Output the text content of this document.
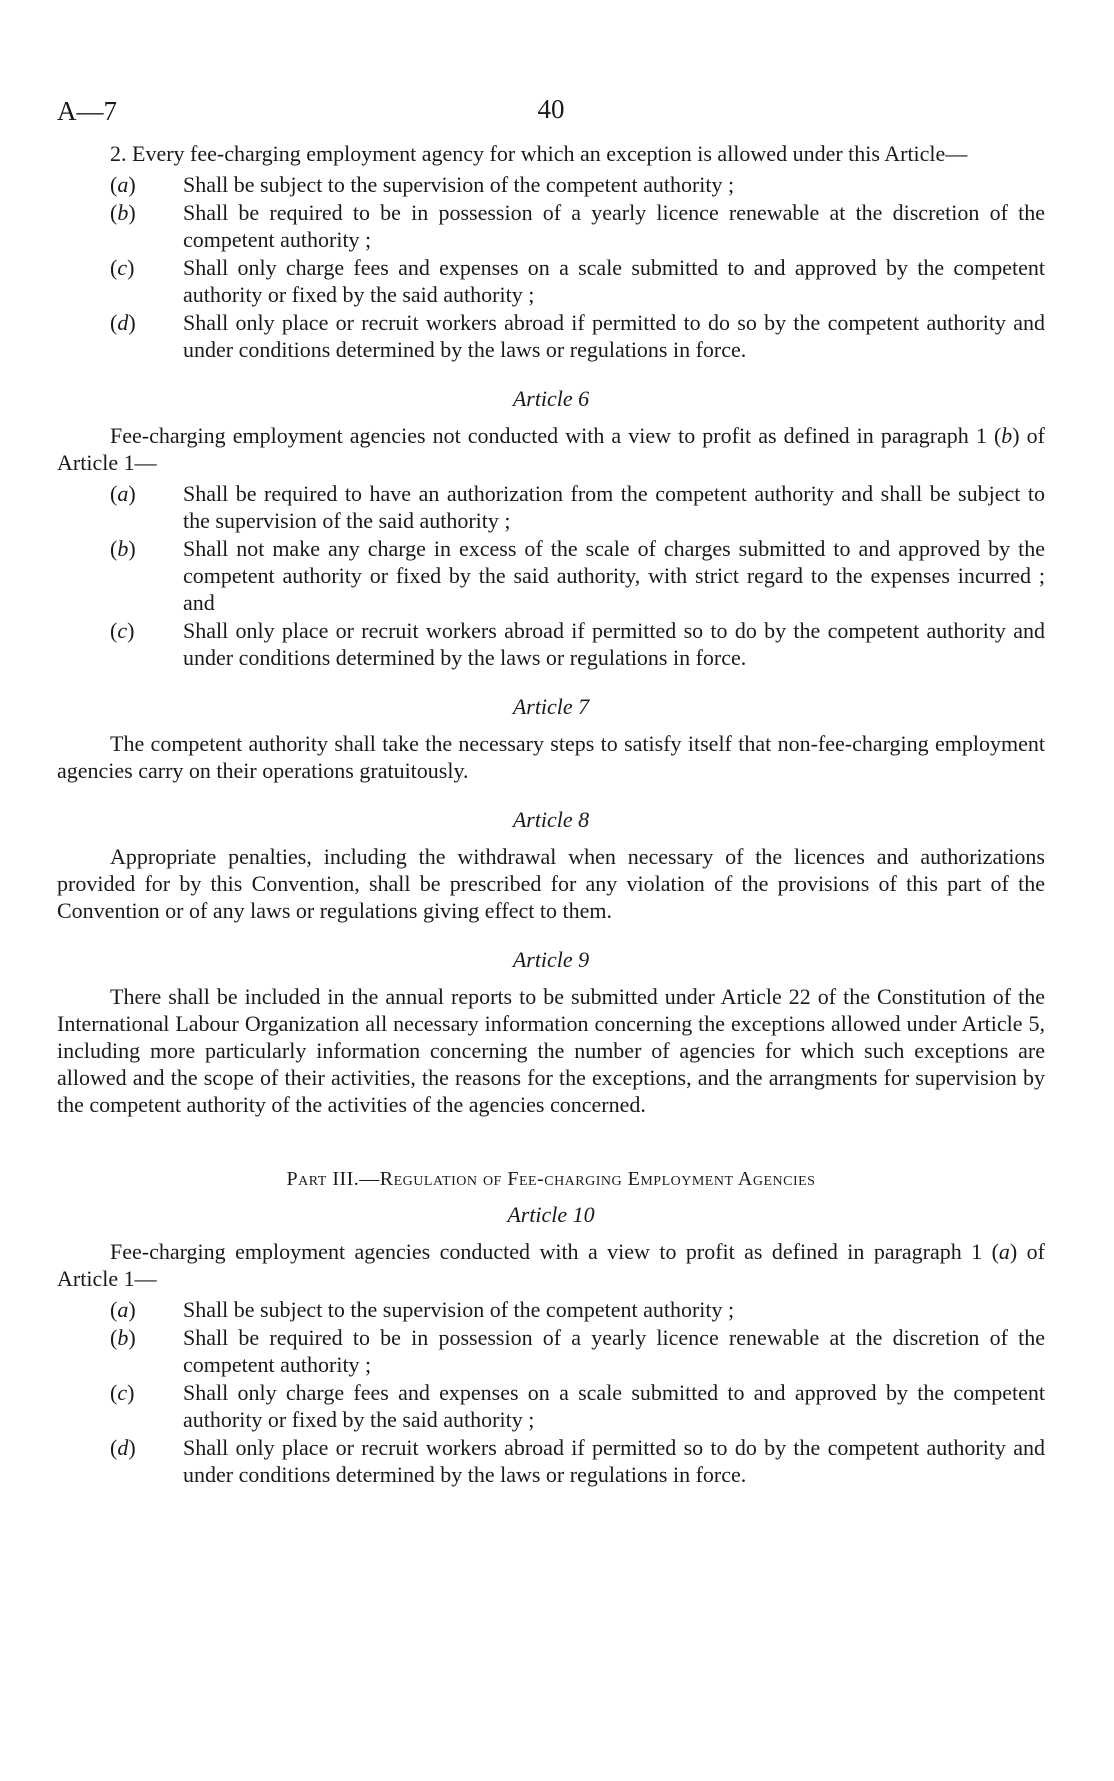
A—7	40

2. Every fee-charging employment agency for which an exception is allowed under this Article—

(a) Shall be subject to the supervision of the competent authority ;
(b) Shall be required to be in possession of a yearly licence renewable at the discretion of the competent authority ;
(c) Shall only charge fees and expenses on a scale submitted to and approved by the competent authority or fixed by the said authority ;
(d) Shall only place or recruit workers abroad if permitted to do so by the competent authority and under conditions determined by the laws or regulations in force.
Article 6

Fee-charging employment agencies not conducted with a view to profit as defined in paragraph 1 (b) of Article 1—

(a) Shall be required to have an authorization from the competent authority and shall be subject to the supervision of the said authority ;
(b) Shall not make any charge in excess of the scale of charges submitted to and approved by the competent authority or fixed by the said authority, with strict regard to the expenses incurred ; and
(c) Shall only place or recruit workers abroad if permitted so to do by the competent authority and under conditions determined by the laws or regulations in force.
Article 7

The competent authority shall take the necessary steps to satisfy itself that non-fee-charging employment agencies carry on their operations gratuitously.

Article 8

Appropriate penalties, including the withdrawal when necessary of the licences and authorizations provided for by this Convention, shall be prescribed for any violation of the provisions of this part of the Convention or of any laws or regulations giving effect to them.

Article 9

There shall be included in the annual reports to be submitted under Article 22 of the Constitution of the International Labour Organization all necessary information concerning the exceptions allowed under Article 5, including more particularly information concerning the number of agencies for which such exceptions are allowed and the scope of their activities, the reasons for the exceptions, and the arrangments for supervision by the competent authority of the activities of the agencies concerned.

Part III.—Regulation of Fee-charging Employment Agencies
Article 10

Fee-charging employment agencies conducted with a view to profit as defined in paragraph 1 (a) of Article 1—

(a) Shall be subject to the supervision of the competent authority ;
(b) Shall be required to be in possession of a yearly licence renewable at the discretion of the competent authority ;
(c) Shall only charge fees and expenses on a scale submitted to and approved by the competent authority or fixed by the said authority ;
(d) Shall only place or recruit workers abroad if permitted so to do by the competent authority and under conditions determined by the laws or regulations in force.
